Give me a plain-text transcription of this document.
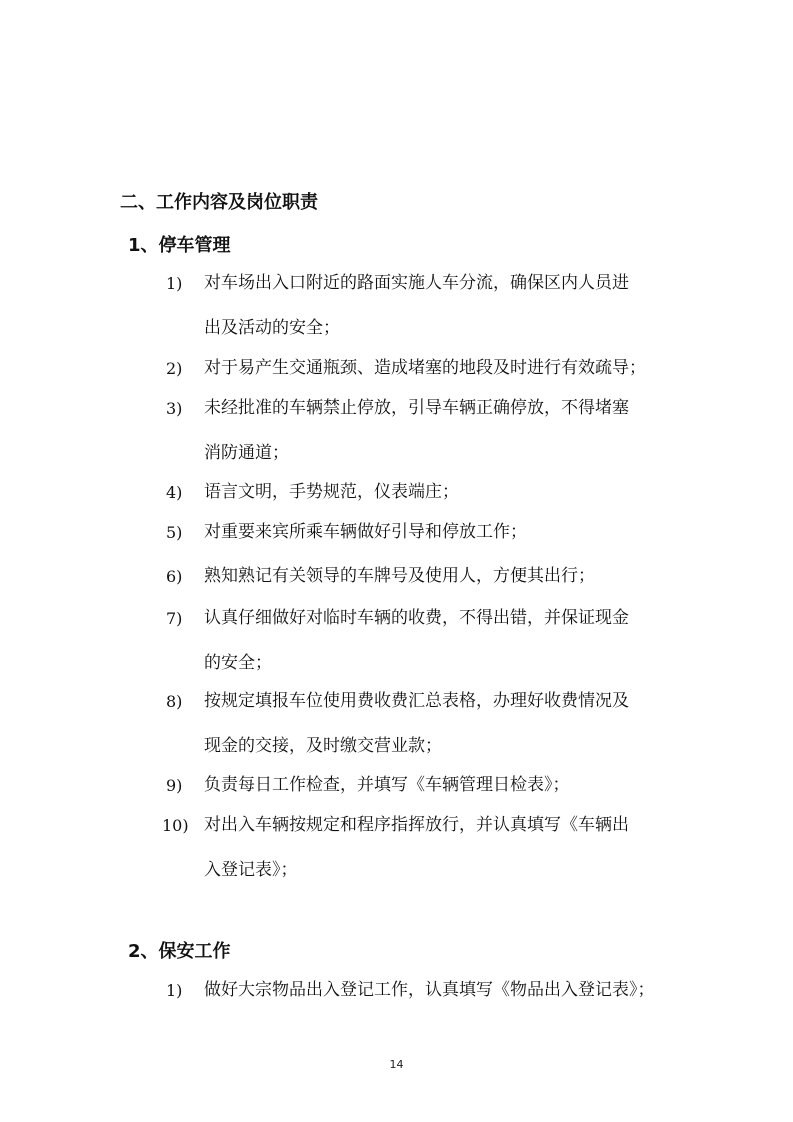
二、工作内容及岗位职责
1、停车管理
1)	对车场出入口附近的路面实施人车分流，确保区内人员进
出及活动的安全；
2)	对于易产生交通瓶颈、造成堵塞的地段及时进行有效疏导；
3)	未经批准的车辆禁止停放，引导车辆正确停放，不得堵塞
消防通道；
4)	语言文明，手势规范，仪表端庄；
5)	对重要来宾所乘车辆做好引导和停放工作；
6)	熟知熟记有关领导的车牌号及使用人，方便其出行；
7)	认真仔细做好对临时车辆的收费，不得出错，并保证现金
的安全；
8)	按规定填报车位使用费收费汇总表格，办理好收费情况及
现金的交接，及时缴交营业款；
9)	负责每日工作检查，并填写《车辆管理日检表》；
10) 对出入车辆按规定和程序指挥放行，并认真填写《车辆出
入登记表》；
2、保安工作
1)	做好大宗物品出入登记工作，认真填写《物品出入登记表》；
14
